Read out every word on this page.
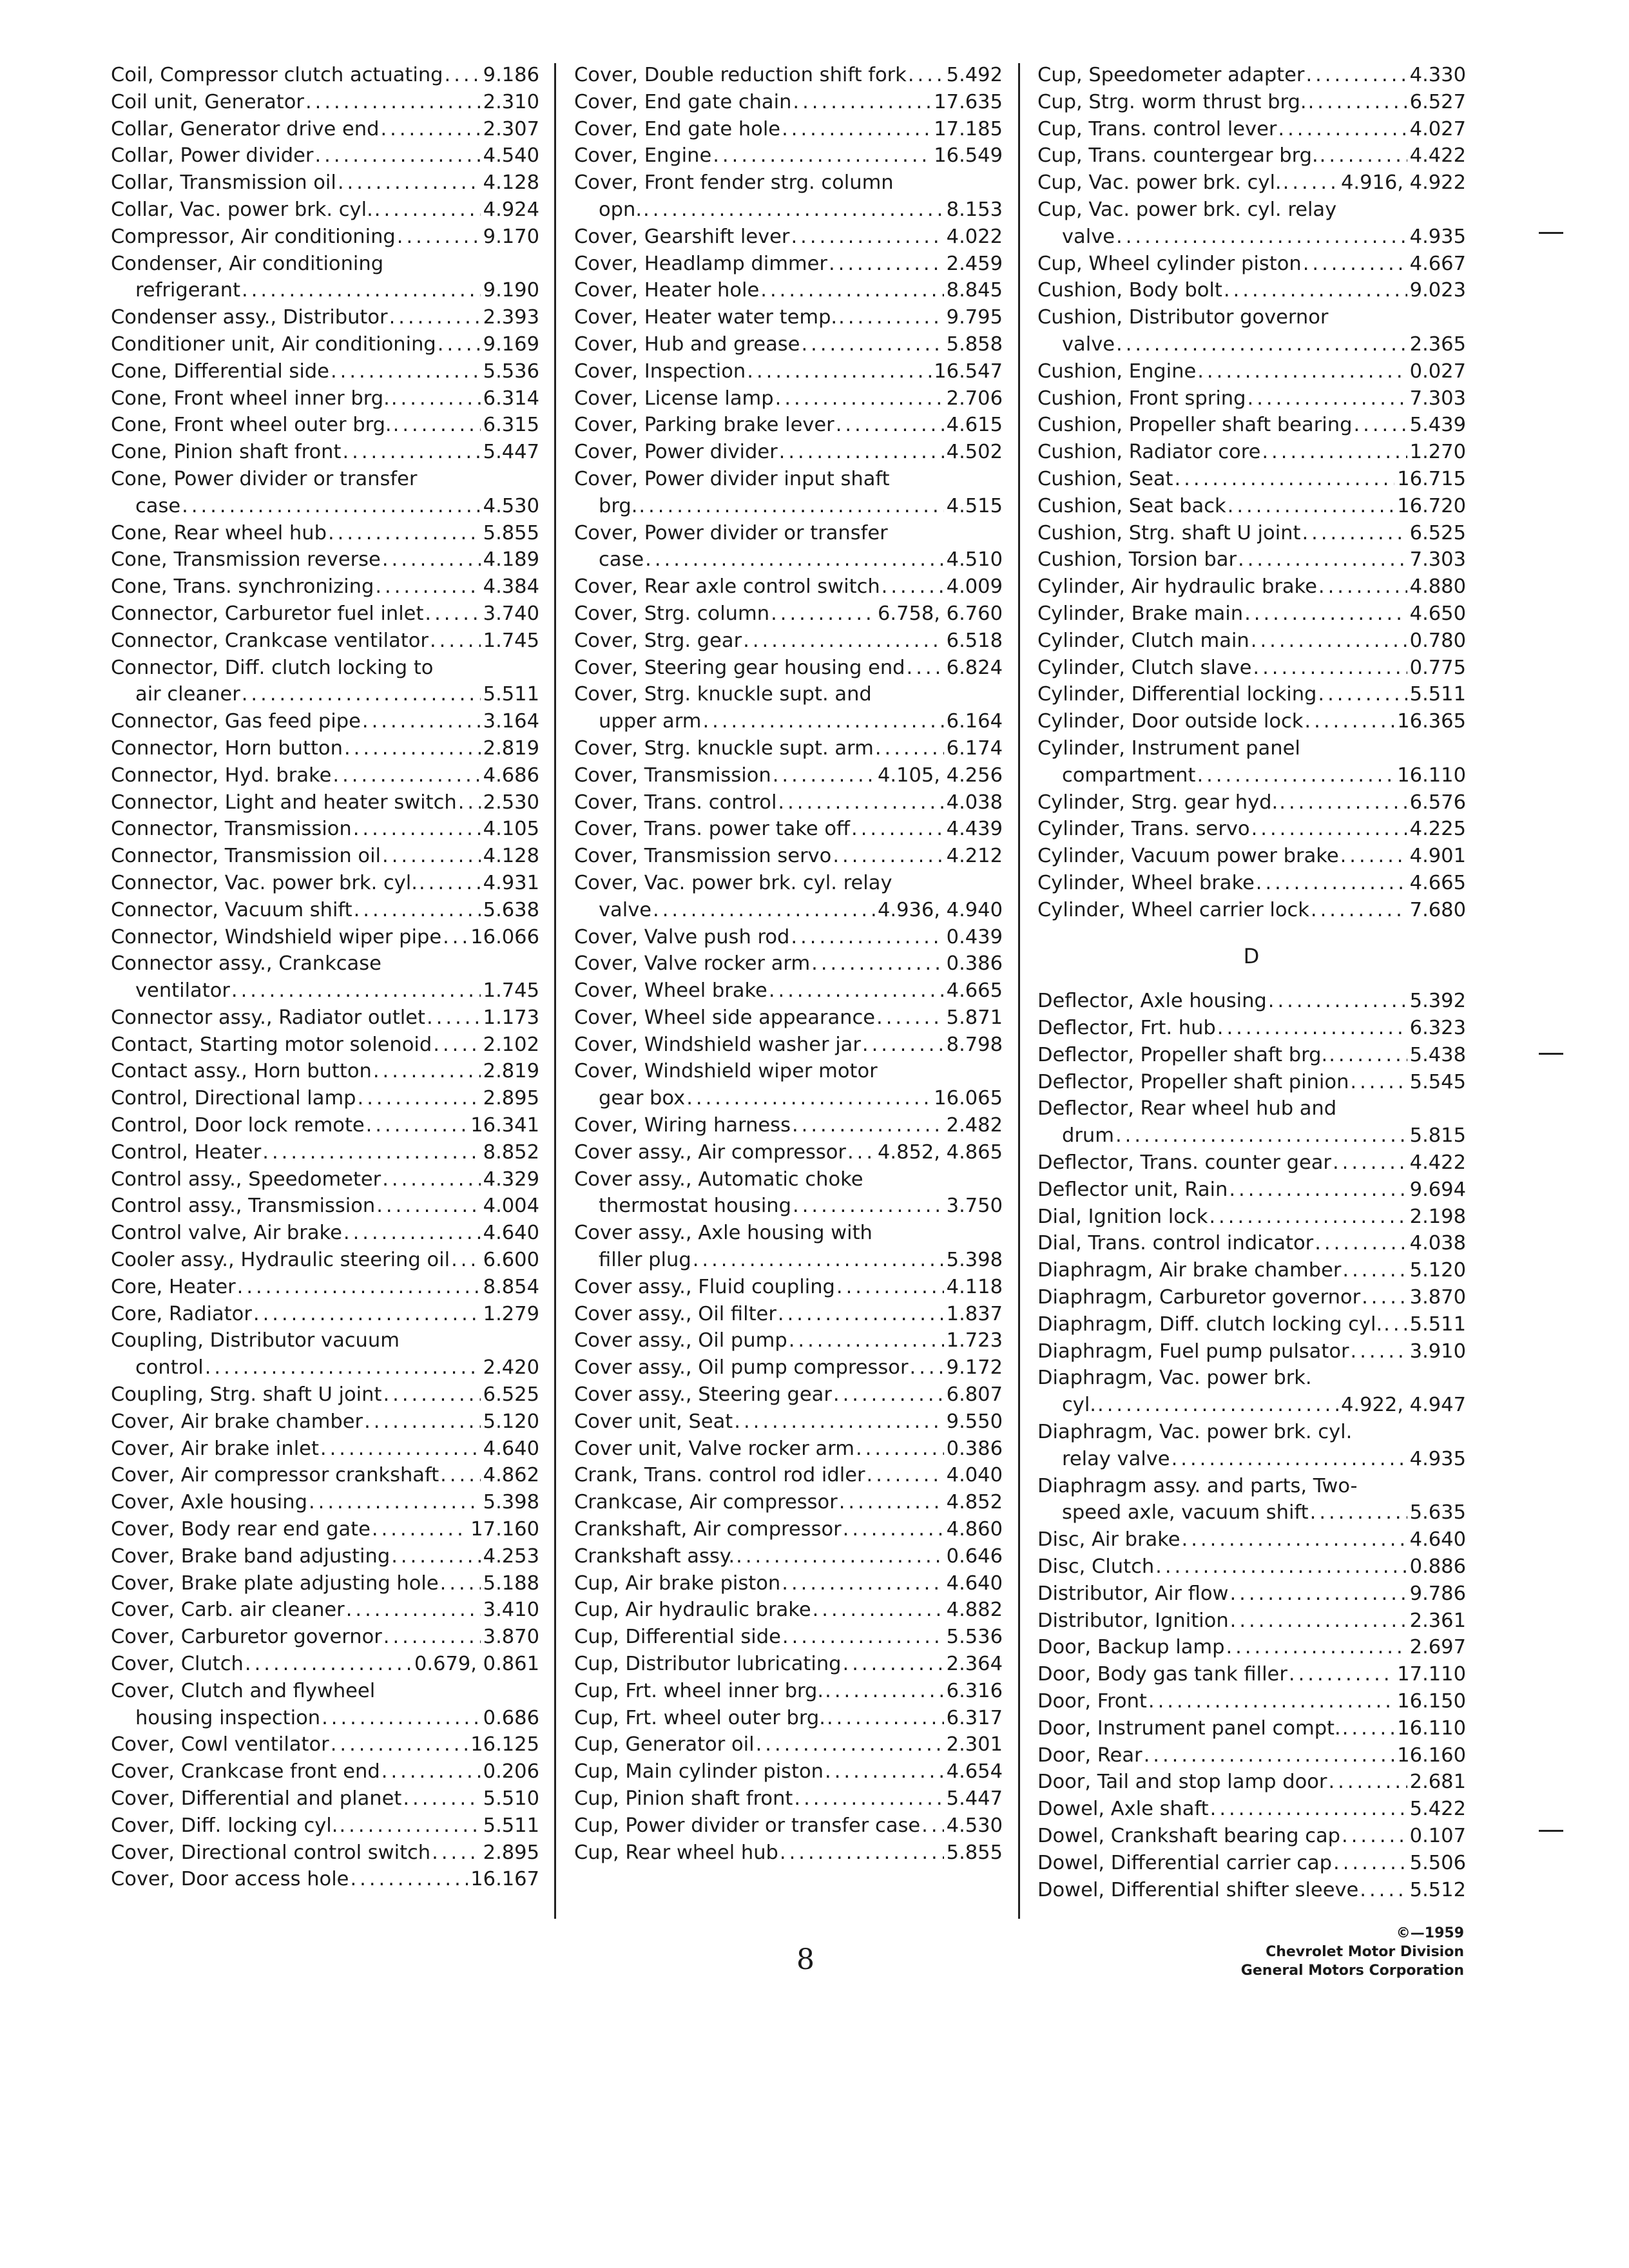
Coil, Compressor clutch actuating ..... 9.186
Coil unit, Generator .....	2.310
Collar, Generator drive end .....	2.307
Collar, Power divider .....	4.540
Collar, Transmission oil .....	4.128
Collar, Vac. power brk. cyl. .....	4.924
Compressor, Air conditioning .....	9.170
Condenser, Air conditioning
refrigerant .....	9.190
Condenser assy., Distributor .....	2.393
Conditioner unit, Air conditioning ..... 9.169
Cone, Differential side .....	5.536
Cone, Front wheel inner brg. .....	6.314
Cone, Front wheel outer brg. .....	6.315
Cone, Pinion shaft front .....	5.447
Cone, Power divider or transfer
case .....	4.530
Cone, Rear wheel hub .....	5.855
Cone, Transmission reverse .....	4.189
Cone, Trans. synchronizing .....	4.384
Connector, Carburetor fuel inlet .....	3.740
Connector, Crankcase ventilator .....	1.745
Connector, Diff. clutch locking to
air cleaner .....	5.511
Connector, Gas feed pipe .....	3.164
Connector, Horn button .....	2.819
Connector, Hyd. brake .....	4.686
Connector, Light and heater switch ..... 2.530
Connector, Transmission .....	4.105
Connector, Transmission oil .....	4.128
Connector, Vac. power brk. cyl. .....	4.931
Connector, Vacuum shift .....	5.638
Connector, Windshield wiper pipe ..... 16.066
Connector assy., Crankcase
ventilator .....	1.745
Connector assy., Radiator outlet .....	1.173
Contact, Starting motor solenoid .....	2.102
Contact assy., Horn button .....	2.819
Control, Directional lamp .....	2.895
Control, Door lock remote .....	16.341
Control, Heater .....	8.852
Control assy., Speedometer .....	4.329
Control assy., Transmission .....	4.004
Control valve, Air brake .....	4.640
Cooler assy., Hydraulic steering oil ..... 6.600
Core, Heater .....	8.854
Core, Radiator .....	1.279
Coupling, Distributor vacuum
control .....	2.420
Coupling, Strg. shaft U joint .....	6.525
Cover, Air brake chamber .....	5.120
Cover, Air brake inlet .....	4.640
Cover, Air compressor crankshaft ..... 4.862
Cover, Axle housing .....	5.398
Cover, Body rear end gate .....	17.160
Cover, Brake band adjusting .....	4.253
Cover, Brake plate adjusting hole ..... 5.188
Cover, Carb. air cleaner .....	3.410
Cover, Carburetor governor .....	3.870
Cover, Clutch .....	0.679, 0.861
Cover, Clutch and flywheel
housing inspection .....	0.686
Cover, Cowl ventilator .....	16.125
Cover, Crankcase front end .....	0.206
Cover, Differential and planet .....	5.510
Cover, Diff. locking cyl. .....	5.511
Cover, Directional control switch .....	2.895
Cover, Door access hole .....	16.167
Cover, Double reduction shift fork ..... 5.492
Cover, End gate chain .....	17.635
Cover, End gate hole .....	17.185
Cover, Engine .....	16.549
Cover, Front fender strg. column
opn. .....	8.153
Cover, Gearshift lever .....	4.022
Cover, Headlamp dimmer .....	2.459
Cover, Heater hole .....	8.845
Cover, Heater water temp. .....	9.795
Cover, Hub and grease .....	5.858
Cover, Inspection .....	16.547
Cover, License lamp .....	2.706
Cover, Parking brake lever .....	4.615
Cover, Power divider .....	4.502
Cover, Power divider input shaft
brg. .....	4.515
Cover, Power divider or transfer
case .....	4.510
Cover, Rear axle control switch .....	4.009
Cover, Strg. column .....	6.758, 6.760
Cover, Strg. gear .....	6.518
Cover, Steering gear housing end ..... 6.824
Cover, Strg. knuckle supt. and
upper arm .....	6.164
Cover, Strg. knuckle supt. arm .....	6.174
Cover, Transmission .....	4.105, 4.256
Cover, Trans. control .....	4.038
Cover, Trans. power take off .....	4.439
Cover, Transmission servo .....	4.212
Cover, Vac. power brk. cyl. relay
valve .....	4.936, 4.940
Cover, Valve push rod .....	0.439
Cover, Valve rocker arm .....	0.386
Cover, Wheel brake .....	4.665
Cover, Wheel side appearance .....	5.871
Cover, Windshield washer jar .....	8.798
Cover, Windshield wiper motor
gear box .....	16.065
Cover, Wiring harness .....	2.482
Cover assy., Air compressor ..... 4.852, 4.865
Cover assy., Automatic choke
thermostat housing .....	3.750
Cover assy., Axle housing with
filler plug .....	5.398
Cover assy., Fluid coupling .....	4.118
Cover assy., Oil filter .....	1.837
Cover assy., Oil pump .....	1.723
Cover assy., Oil pump compressor ..... 9.172
Cover assy., Steering gear .....	6.807
Cover unit, Seat .....	9.550
Cover unit, Valve rocker arm .....	0.386
Crank, Trans. control rod idler .....	4.040
Crankcase, Air compressor .....	4.852
Crankshaft, Air compressor .....	4.860
Crankshaft assy. .....	0.646
Cup, Air brake piston .....	4.640
Cup, Air hydraulic brake .....	4.882
Cup, Differential side .....	5.536
Cup, Distributor lubricating .....	2.364
Cup, Frt. wheel inner brg. .....	6.316
Cup, Frt. wheel outer brg. .....	6.317
Cup, Generator oil .....	2.301
Cup, Main cylinder piston .....	4.654
Cup, Pinion shaft front .....	5.447
Cup, Power divider or transfer case ..... 4.530
Cup, Rear wheel hub .....	5.855
Cup, Speedometer adapter .....	4.330
Cup, Strg. worm thrust brg. .....	6.527
Cup, Trans. control lever .....	4.027
Cup, Trans. countergear brg. .....	4.422
Cup, Vac. power brk. cyl. .....	4.916, 4.922
Cup, Vac. power brk. cyl. relay
valve .....	4.935
Cup, Wheel cylinder piston .....	4.667
Cushion, Body bolt .....	9.023
Cushion, Distributor governor
valve .....	2.365
Cushion, Engine .....	0.027
Cushion, Front spring .....	7.303
Cushion, Propeller shaft bearing .....	5.439
Cushion, Radiator core .....	1.270
Cushion, Seat .....	16.715
Cushion, Seat back .....	16.720
Cushion, Strg. shaft U joint .....	6.525
Cushion, Torsion bar .....	7.303
Cylinder, Air hydraulic brake .....	4.880
Cylinder, Brake main .....	4.650
Cylinder, Clutch main .....	0.780
Cylinder, Clutch slave .....	0.775
Cylinder, Differential locking .....	5.511
Cylinder, Door outside lock .....	16.365
Cylinder, Instrument panel
compartment .....	16.110
Cylinder, Strg. gear hyd. .....	6.576
Cylinder, Trans. servo .....	4.225
Cylinder, Vacuum power brake .....	4.901
Cylinder, Wheel brake .....	4.665
Cylinder, Wheel carrier lock .....	7.680
D
Deflector, Axle housing .....	5.392
Deflector, Frt. hub .....	6.323
Deflector, Propeller shaft brg. .....	5.438
Deflector, Propeller shaft pinion .....	5.545
Deflector, Rear wheel hub and
drum .....	5.815
Deflector, Trans. counter gear .....	4.422
Deflector unit, Rain .....	9.694
Dial, Ignition lock .....	2.198
Dial, Trans. control indicator .....	4.038
Diaphragm, Air brake chamber .....	5.120
Diaphragm, Carburetor governor .....	3.870
Diaphragm, Diff. clutch locking cyl. ..... 5.511
Diaphragm, Fuel pump pulsator .....	3.910
Diaphragm, Vac. power brk.
cyl. .....	4.922, 4.947
Diaphragm, Vac. power brk. cyl.
relay valve .....	4.935
Diaphragm assy. and parts, Two-
speed axle, vacuum shift .....	5.635
Disc, Air brake .....	4.640
Disc, Clutch .....	0.886
Distributor, Air flow .....	9.786
Distributor, Ignition .....	2.361
Door, Backup lamp .....	2.697
Door, Body gas tank filler .....	17.110
Door, Front .....	16.150
Door, Instrument panel compt. .....	16.110
Door, Rear .....	16.160
Door, Tail and stop lamp door .....	2.681
Dowel, Axle shaft .....	5.422
Dowel, Crankshaft bearing cap .....	0.107
Dowel, Differential carrier cap .....	5.506
Dowel, Differential shifter sleeve .....	5.512
8
©—1959
Chevrolet Motor Division
General Motors Corporation
